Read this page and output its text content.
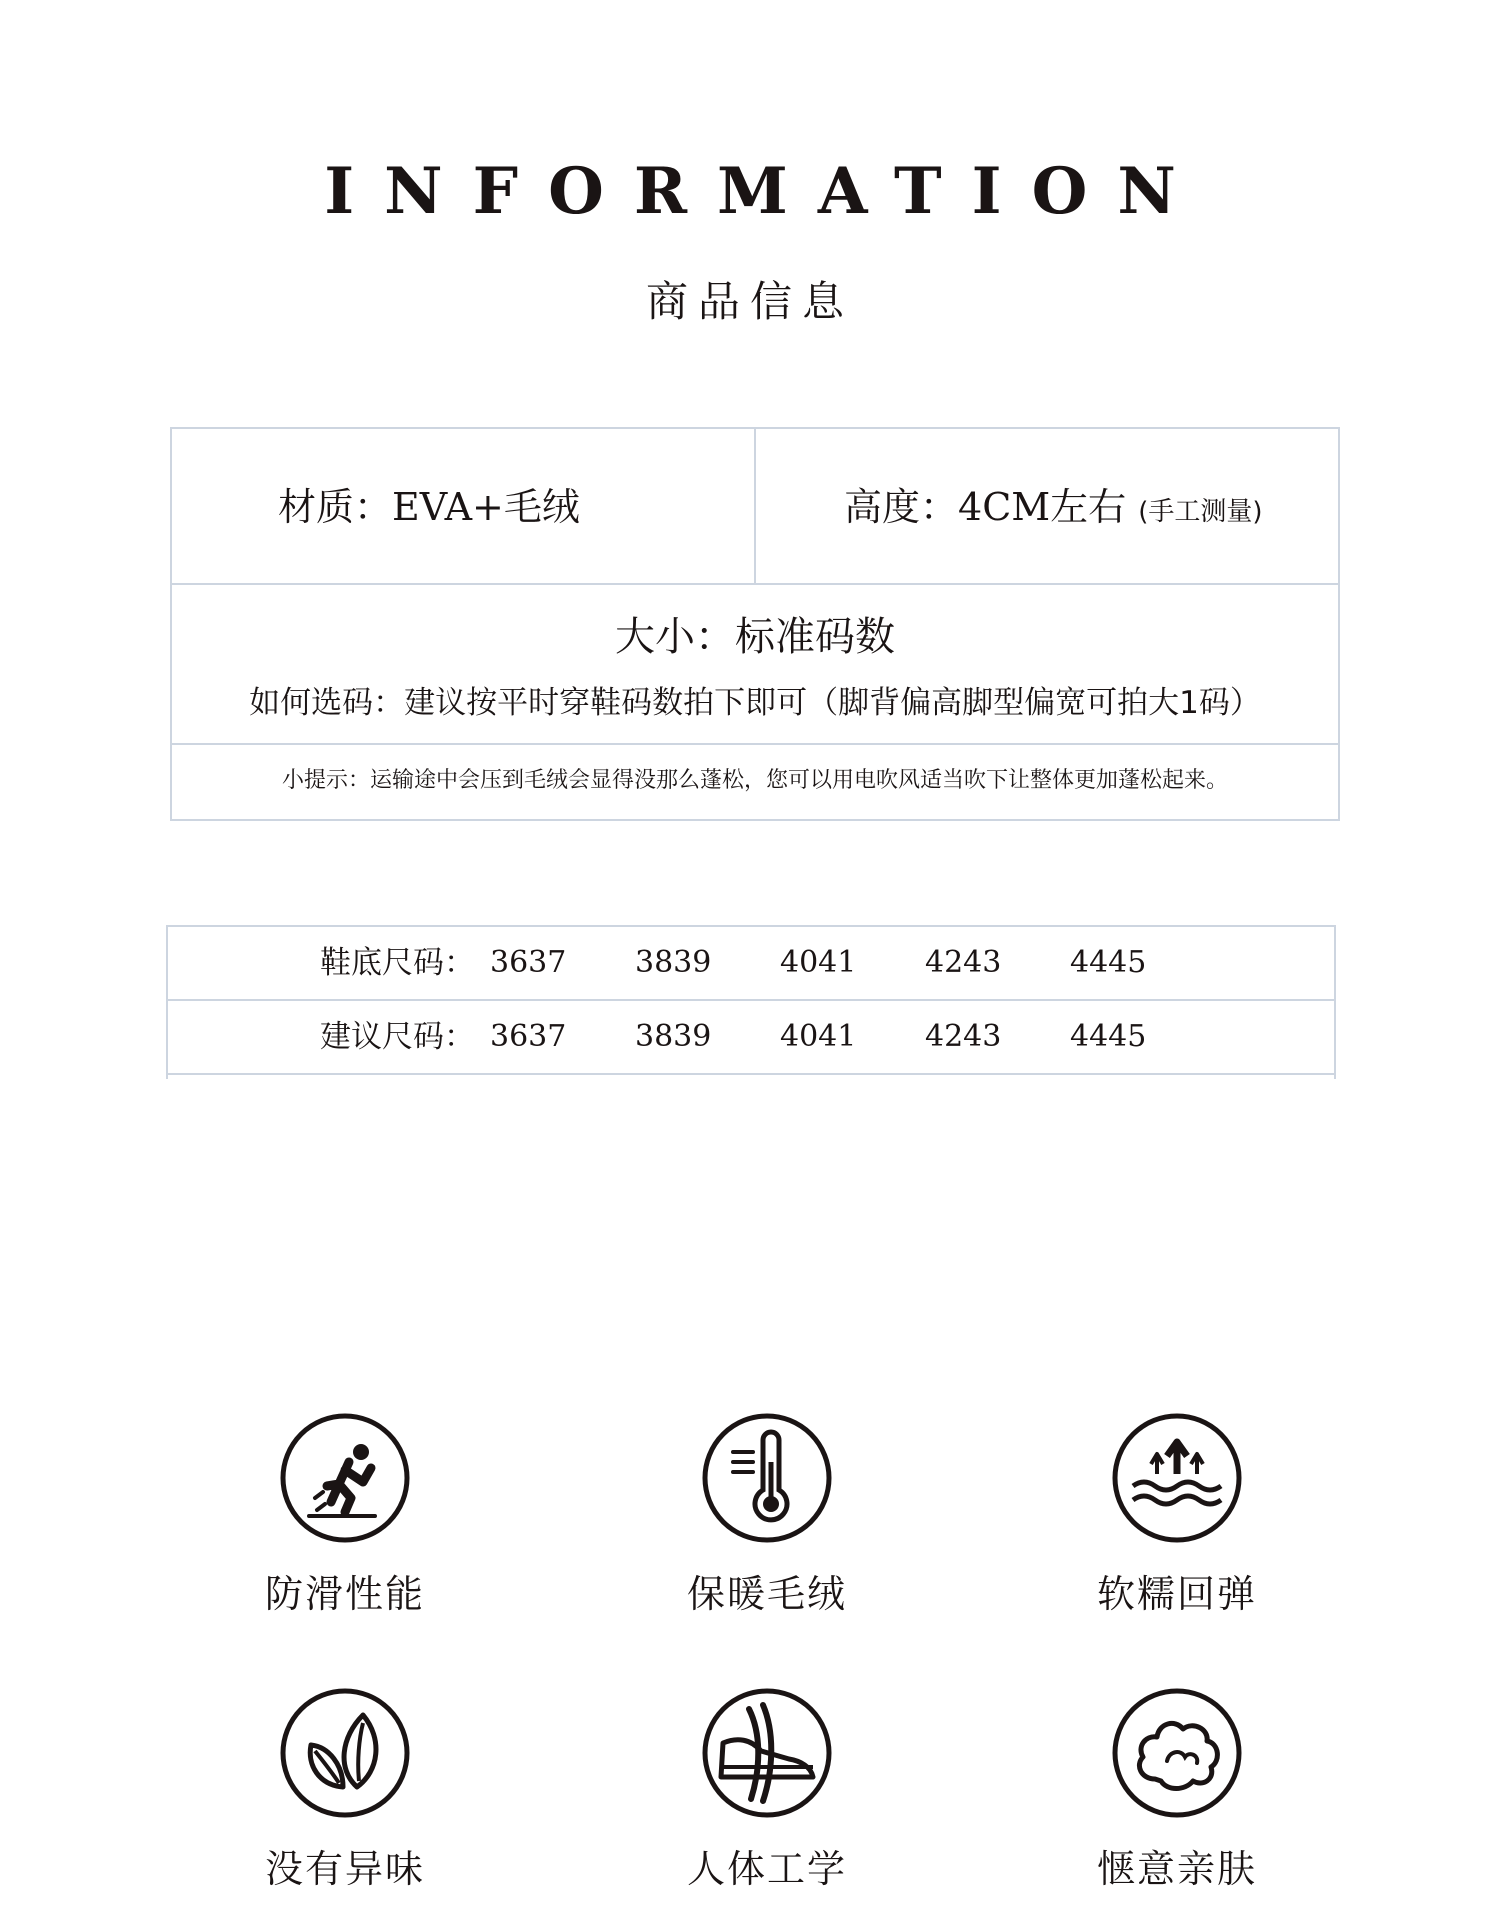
INFORMATION
商品信息
材质：EVA+毛绒	高度：4CM左右 (手工测量)
大小：标准码数
如何选码：建议按平时穿鞋码数拍下即可（脚背偏高脚型偏宽可拍大1码）
小提示：运输途中会压到毛绒会显得没那么蓬松，您可以用电吹风适当吹下让整体更加蓬松起来。
鞋底尺码： 3637 3839 4041 4243 4445
建议尺码： 3637 3839 4041 4243 4445
防滑性能	保暖毛绒	软糯回弹
没有异味	人体工学	惬意亲肤
